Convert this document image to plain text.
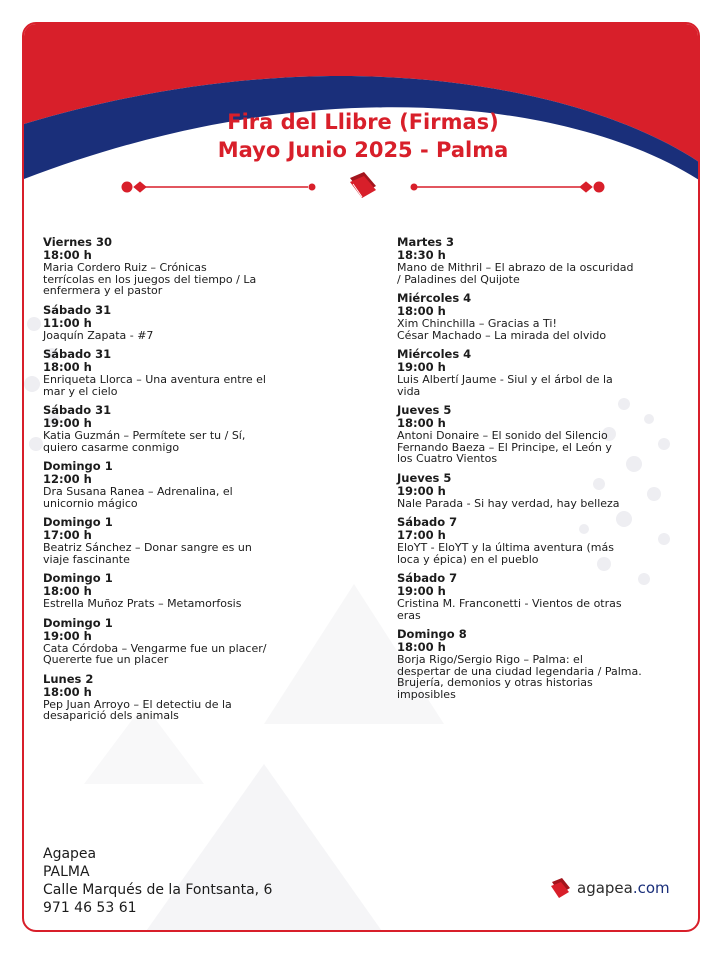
Fira del Llibre (Firmas)
Mayo Junio 2025 - Palma
Viernes 30
18:00 h
Maria Cordero Ruiz – Crónicas
terrícolas en los juegos del tiempo / La
enfermera y el pastor
Sábado 31
11:00 h
Joaquín Zapata - #7
Sábado 31
18:00 h
Enriqueta Llorca – Una aventura entre el
mar y el cielo
Sábado 31
19:00 h
Katia Guzmán – Permítete ser tu / Sí,
quiero casarme conmigo
Domingo 1
12:00 h
Dra Susana Ranea – Adrenalina, el
unicornio mágico
Domingo 1
17:00 h
Beatriz Sánchez – Donar sangre es un
viaje fascinante
Domingo 1
18:00 h
Estrella Muñoz Prats – Metamorfosis
Domingo 1
19:00 h
Cata Córdoba – Vengarme fue un placer/
Quererte fue un placer
Lunes 2
18:00 h
Pep Juan Arroyo – El detectiu de la
desaparició dels animals
Martes 3
18:30 h
Mano de Mithril – El abrazo de la oscuridad
/ Paladines del Quijote
Miércoles 4
18:00 h
Xim Chinchilla – Gracias a Ti!
César Machado – La mirada del olvido
Miércoles 4
19:00 h
Luis Albertí Jaume - Siul y el árbol de la
vida
Jueves 5
18:00 h
Antoni Donaire – El sonido del Silencio
Fernando Baeza – El Principe, el León y
los Cuatro Vientos
Jueves 5
19:00 h
Nale Parada - Si hay verdad, hay belleza
Sábado 7
17:00 h
EloYT - EloYT y la última aventura (más
loca y épica) en el pueblo
Sábado 7
19:00 h
Cristina M. Franconetti - Vientos de otras
eras
Domingo 8
18:00 h
Borja Rigo/Sergio Rigo – Palma: el
despertar de una ciudad legendaria / Palma.
Brujería, demonios y otras historias
imposibles
Agapea
PALMA
Calle Marqués de la Fontsanta, 6
971 46 53 61
agapea.com
